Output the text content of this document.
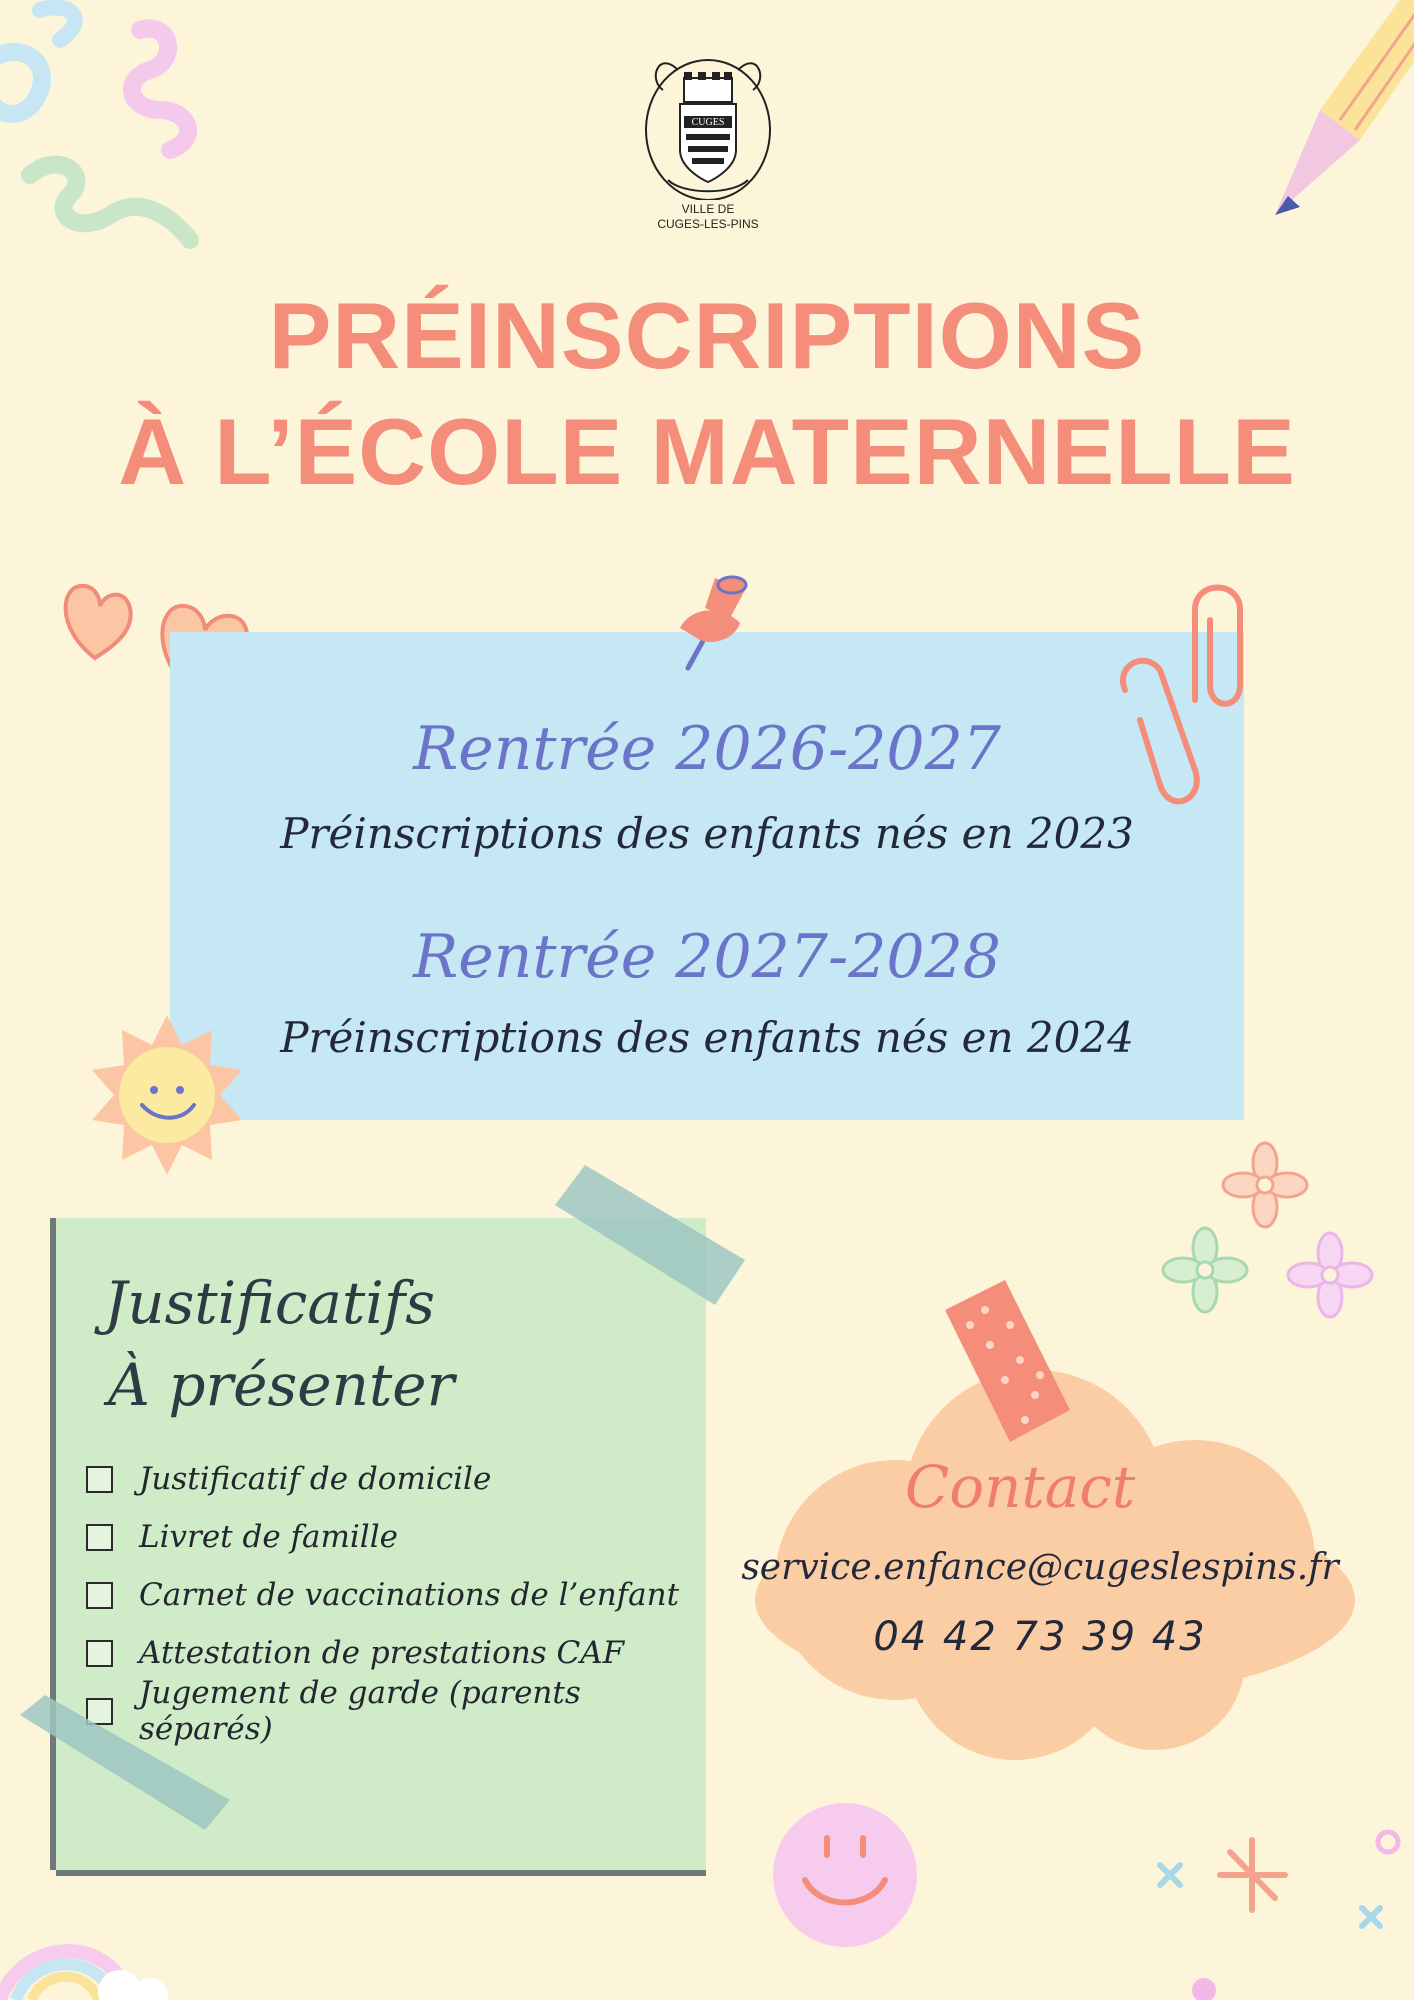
CUGES
VILLE DE
CUGES-LES-PINS
PRÉINSCRIPTIONS
À L’ÉCOLE MATERNELLE
Rentrée 2026-2027
Préinscriptions des enfants nés en 2023
Rentrée 2027-2028
Préinscriptions des enfants nés en 2024
Justificatifs
À présenter
Justificatif de domicile
Livret de famille
Carnet de vaccinations de l’enfant
Attestation de prestations CAF
Jugement de garde (parents séparés)
Contact
service.enfance@cugeslespins.fr
04 42 73 39 43
